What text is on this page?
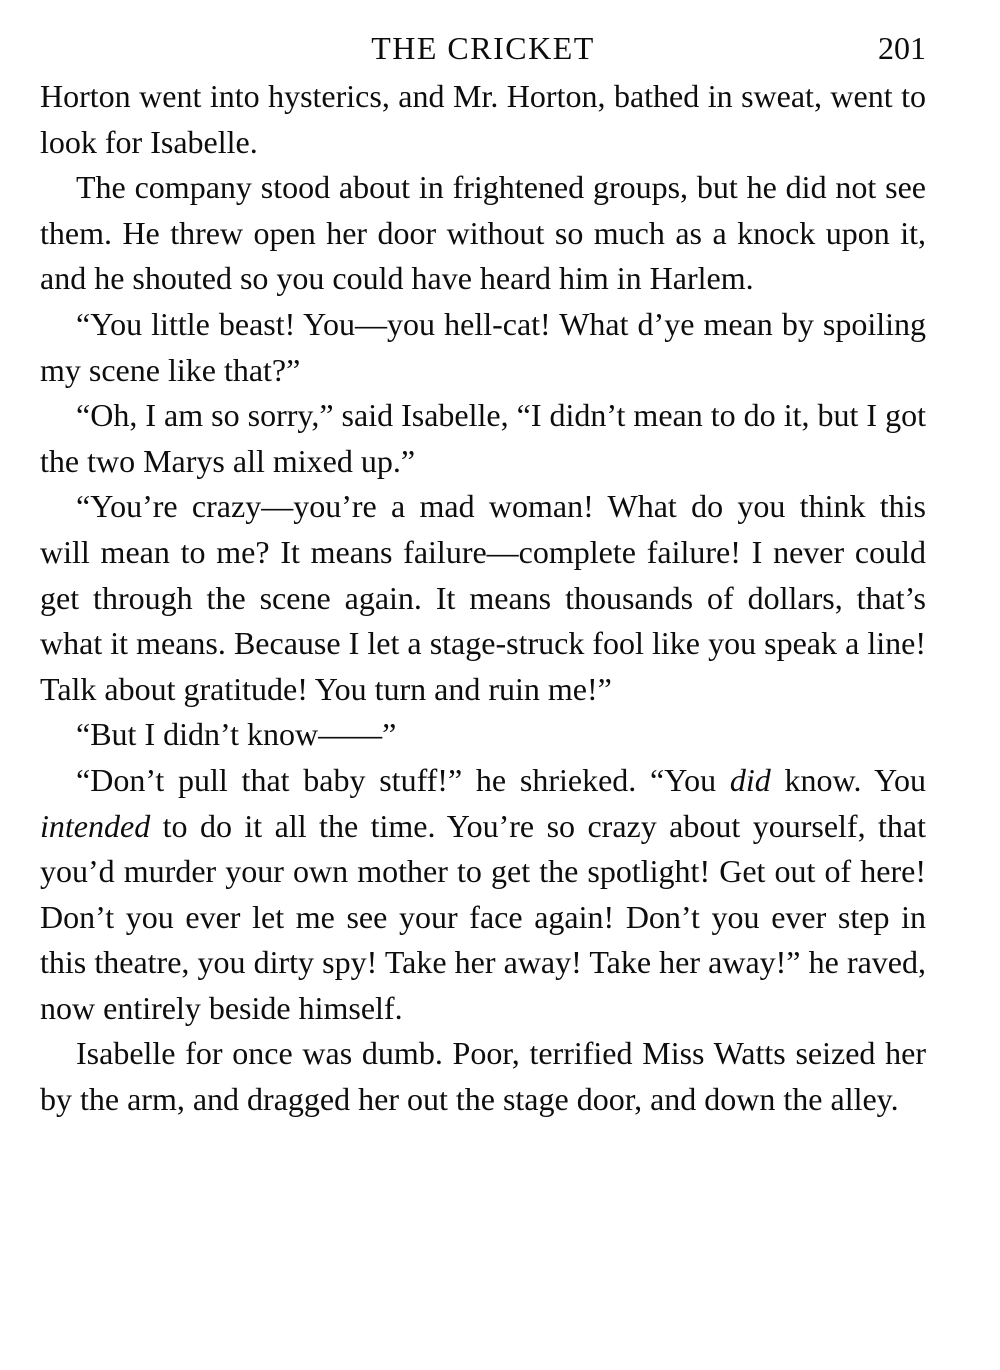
THE CRICKET	201

Horton went into hysterics, and Mr. Horton, bathed in sweat, went to look for Isabelle.

The company stood about in frightened groups, but he did not see them. He threw open her door without so much as a knock upon it, and he shouted so you could have heard him in Harlem.

“You little beast! You—you hell-cat! What d’ye mean by spoiling my scene like that?”

“Oh, I am so sorry,” said Isabelle, “I didn’t mean to do it, but I got the two Marys all mixed up.”

“You’re crazy—you’re a mad woman! What do you think this will mean to me? It means failure—complete failure! I never could get through the scene again. It means thousands of dollars, that’s what it means. Because I let a stage-struck fool like you speak a line! Talk about gratitude! You turn and ruin me!”

“But I didn’t know——”

“Don’t pull that baby stuff!” he shrieked. “You did know. You intended to do it all the time. You’re so crazy about yourself, that you’d murder your own mother to get the spotlight! Get out of here! Don’t you ever let me see your face again! Don’t you ever step in this theatre, you dirty spy! Take her away! Take her away!” he raved, now entirely beside himself.

Isabelle for once was dumb. Poor, terrified Miss Watts seized her by the arm, and dragged her out the stage door, and down the alley.
